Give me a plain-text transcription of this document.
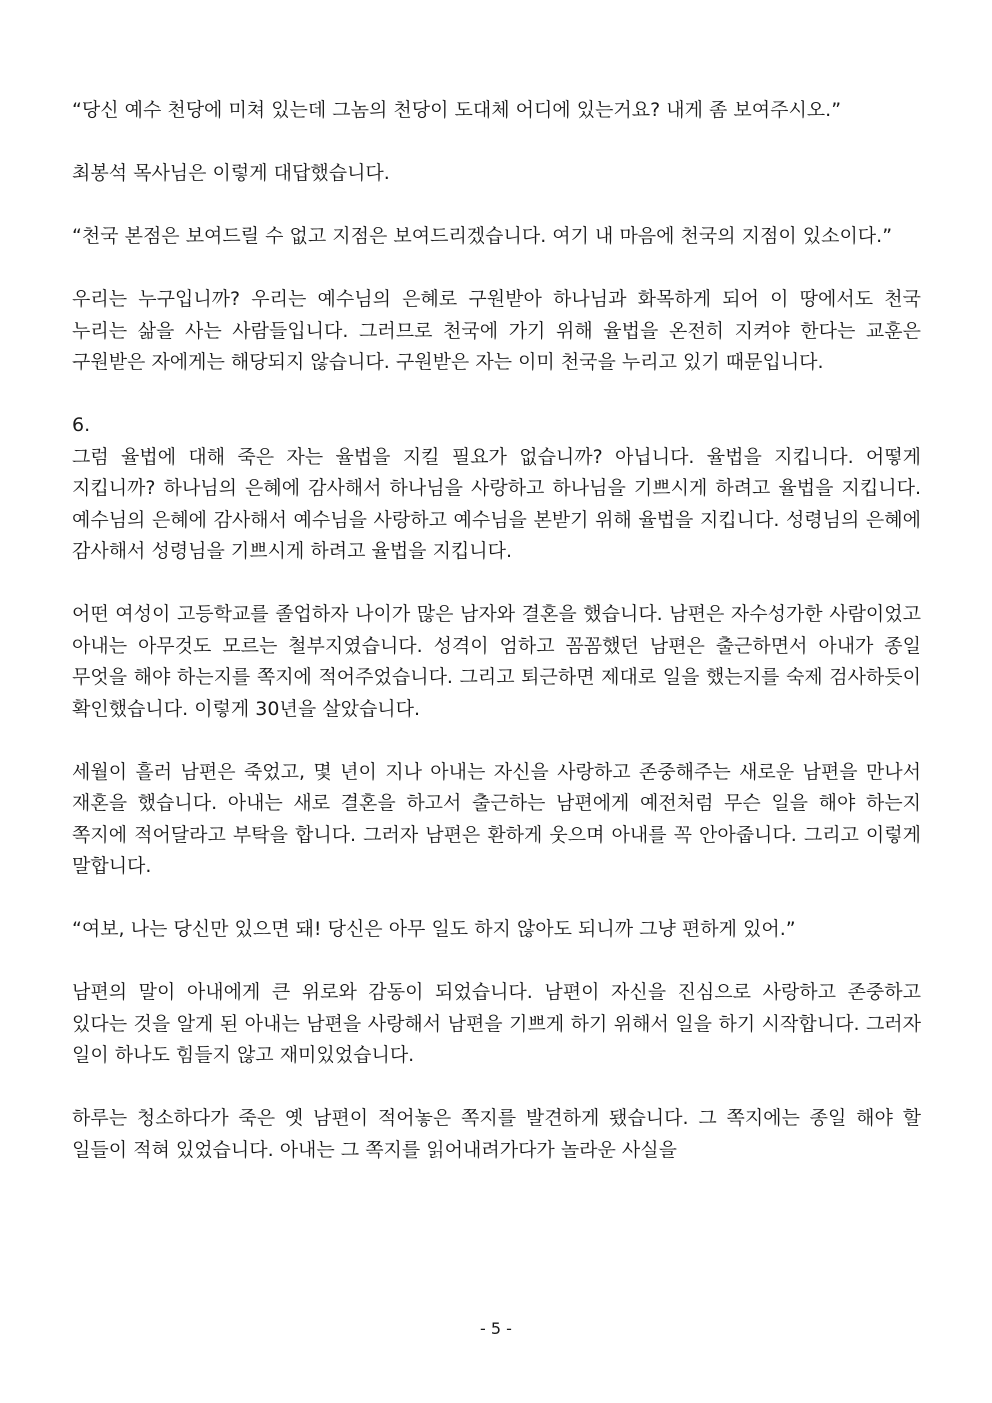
“당신 예수 천당에 미쳐 있는데 그놈의 천당이 도대체 어디에 있는거요? 내게 좀 보여주시오.”

최봉석 목사님은 이렇게 대답했습니다.

“천국 본점은 보여드릴 수 없고 지점은 보여드리겠습니다. 여기 내 마음에 천국의 지점이 있소이다.”

우리는 누구입니까? 우리는 예수님의 은혜로 구원받아 하나님과 화목하게 되어 이 땅에서도 천국 누리는 삶을 사는 사람들입니다. 그러므로 천국에 가기 위해 율법을 온전히 지켜야 한다는 교훈은 구원받은 자에게는 해당되지 않습니다. 구원받은 자는 이미 천국을 누리고 있기 때문입니다.

6.

그럼 율법에 대해 죽은 자는 율법을 지킬 필요가 없습니까? 아닙니다. 율법을 지킵니다. 어떻게 지킵니까? 하나님의 은혜에 감사해서 하나님을 사랑하고 하나님을 기쁘시게 하려고 율법을 지킵니다. 예수님의 은혜에 감사해서 예수님을 사랑하고 예수님을 본받기 위해 율법을 지킵니다. 성령님의 은혜에 감사해서 성령님을 기쁘시게 하려고 율법을 지킵니다.

어떤 여성이 고등학교를 졸업하자 나이가 많은 남자와 결혼을 했습니다. 남편은 자수성가한 사람이었고 아내는 아무것도 모르는 철부지였습니다. 성격이 엄하고 꼼꼼했던 남편은 출근하면서 아내가 종일 무엇을 해야 하는지를 쪽지에 적어주었습니다. 그리고 퇴근하면 제대로 일을 했는지를 숙제 검사하듯이 확인했습니다. 이렇게 30년을 살았습니다.

세월이 흘러 남편은 죽었고, 몇 년이 지나 아내는 자신을 사랑하고 존중해주는 새로운 남편을 만나서 재혼을 했습니다. 아내는 새로 결혼을 하고서 출근하는 남편에게 예전처럼 무슨 일을 해야 하는지 쪽지에 적어달라고 부탁을 합니다. 그러자 남편은 환하게 웃으며 아내를 꼭 안아줍니다. 그리고 이렇게 말합니다.

“여보, 나는 당신만 있으면 돼! 당신은 아무 일도 하지 않아도 되니까 그냥 편하게 있어.”

남편의 말이 아내에게 큰 위로와 감동이 되었습니다. 남편이 자신을 진심으로 사랑하고 존중하고 있다는 것을 알게 된 아내는 남편을 사랑해서 남편을 기쁘게 하기 위해서 일을 하기 시작합니다. 그러자 일이 하나도 힘들지 않고 재미있었습니다.

하루는 청소하다가 죽은 옛 남편이 적어놓은 쪽지를 발견하게 됐습니다. 그 쪽지에는 종일 해야 할 일들이 적혀 있었습니다. 아내는 그 쪽지를 읽어내려가다가 놀라운 사실을

- 5 -
